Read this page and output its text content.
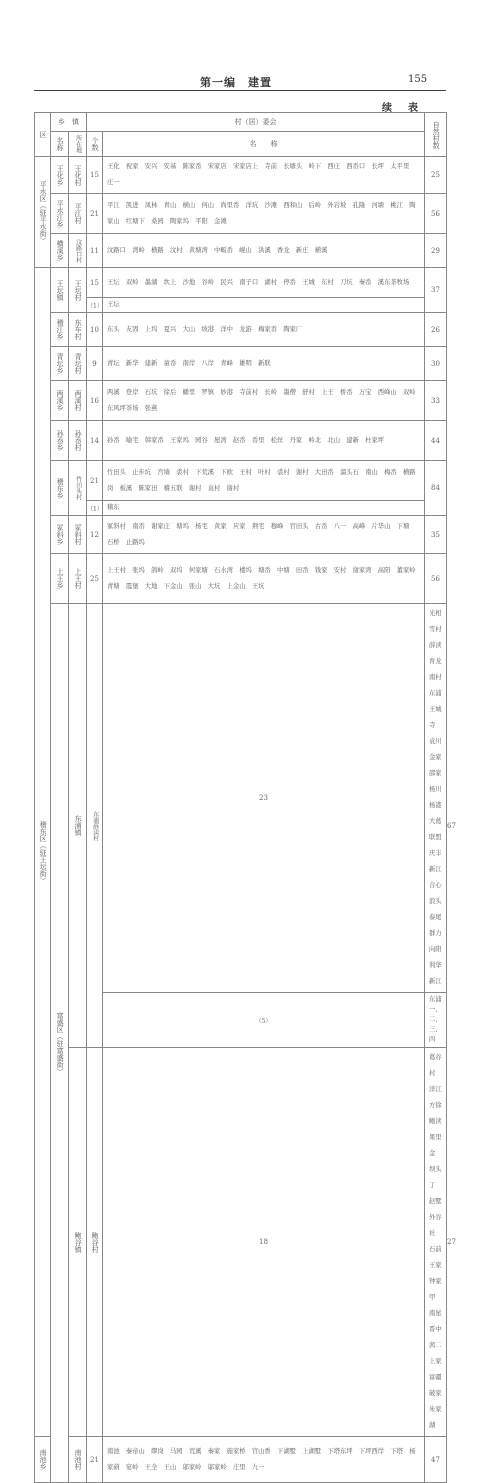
第一编　建置	155
续　表
区	乡　镇		村（居）委会		自然村数	

	名称	所在地	个数	名　　称		

平水区（驻平水街）	王化乡	王化村	15	王化　祝家　安兴　安基　陈家岙　宋家店　宋家店上　寺前　长塘头　岭下　西庄　西岙口　长坪　太平里　庄一	25	

	平水江乡	平江村	21	平江　凯进　凤林　青山　横山　何山　尚里岙　洋坑　沙滩　西和山　后岭　外岩坡　孔隆　河塘　桃江　陶家山　红塘下　桑园　陶家坞　平阳　金滩	56	

	横溪乡	汶路口村	11	汶路口　湾岭　横路　汶村　黄塘湾　中畈岙　岘山　洪溪　香龙　新庄　横溪	29	

稽东区（驻王坛街）	王坛镇	王坛村	15	王坛　双岭　墨湖　坎上　沙地　谷岭　民兴　南子口　湖村　停岙　王城　东村　刀坑　秦岙　溪东茶牧场	37	
			（1）	王坛		

	稽江乡	东车村	10	东头　友固　上坞　夏兴　大山　坡港　洋中　龙游　梅家岙　陶家厂	26	

	青坛乡	青坛村	9	青坛　新华　建新　童岙　南岸　八岸　青峰　雄明　新联	30	

	两溪乡	两溪村	16	两溪　登岸　石坑　徐后　蟠里　罗镇　妙港　寺前村　长岭　墨僧　舒村　上王　桥岙　万宝　西峰山　双岭　东风坪茶场　张燕	33	

	孙岙乡	孙岙村	14	孙岙　喻宅　韩家岙　王家坞　园谷　屋湾　赵岙　岙里　松丝　丹家　岭北　北山　建新　杜家坪	44	

	稽东乡	竹田头村	21	竹田头　止步坑　宫墙　裘村　下荒溪　下欧　王村　叶村　裘村　谢村　大田岙　溜头石　南山　梅岙　横路岗　板溪　陈家田　稽五联　谢村　袁村　谢村	84	
			（1）	稽东		

	冢斜乡	冢斜村	12	冢斜村　南岙　谢家庄　塘坞　杨宅　黄家　应家　荆宅　穆峰　官田头　古岙　八一　高峰　片华山　下塘　石桥　止路坞	35	

	上王乡	上王村	25	上王村　张坞　鸽岭　双坞　何家塘　石水湾　楼坞　塘岙　中塘　田岙　钱家　安村　谢家湾　高阳　董家岭　青塘　霞堡　大地　下金山　张山　大坑　上金山　王坑	56	

	富盛区（驻富盛街）	东浦镇	东浦薛渎村	23	光相　雪村　薛渎　育龙　南村　东浦　王城寺　袁川　金家　邵家　杨川　杨港　大葛　联盟　庆丰　新江　合心　浪头　泰尾　群力　向阳　利华　新江	67
				（5）	东浦一、二、三、四	

		鲍谷镇	鲍谷村	18	葛谷村　洋江　方徐　鲍渎　果里金　坝头丁　赵墅　外谷社　石前　王家　钟家甲　南星　晋中　茜二　上家　富疆　破家　朱家湖	27

南池乡		南池村	21	南池　秦帝山　缪岗　马园　荒溪　秦家　施家桥　官山香　下湖墅　上湖墅　下塔东坪　下坪西岸　下塔　杨家葫　宴岭　王全　王山　邬家岭　邬家岭　庄里　九一	47	
